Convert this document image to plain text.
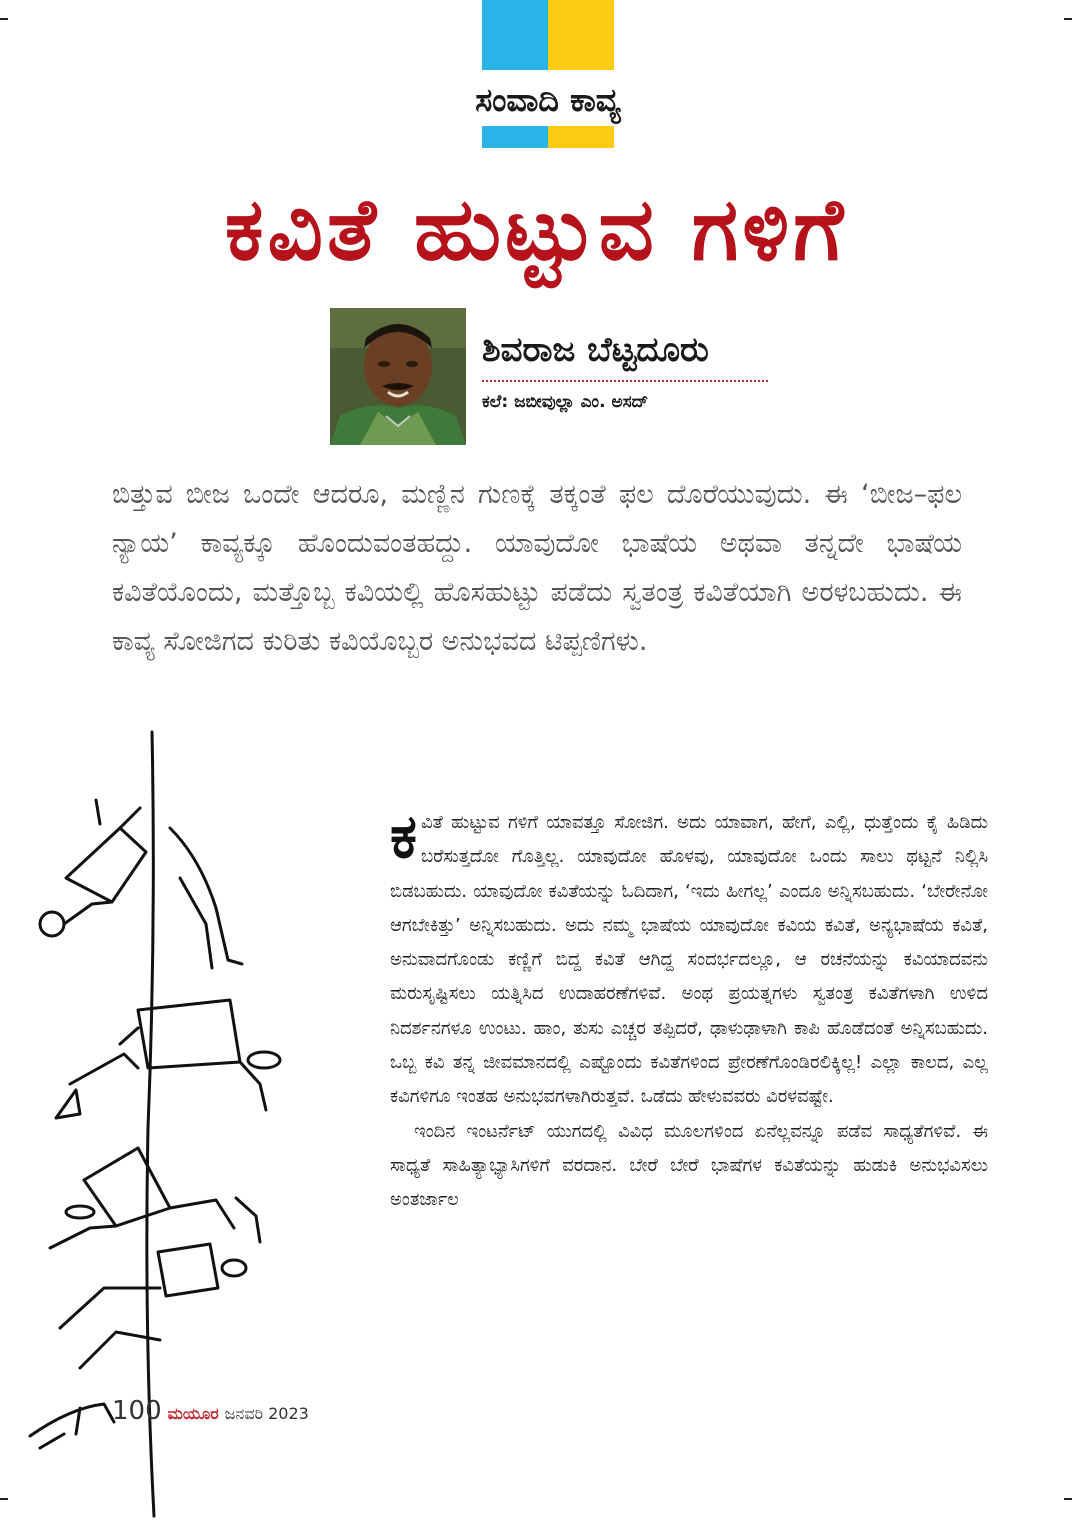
ಸಂವಾದಿ ಕಾವ್ಯ
ಕವಿತೆ ಹುಟ್ಟುವ ಗಳಿಗೆ
ಶಿವರಾಜ ಬೆಟ್ಟದೂರು
ಕಲೆ: ಜಬೀವುಲ್ಲಾ ಎಂ. ಅಸದ್
ಬಿತ್ತುವ ಬೀಜ ಒಂದೇ ಆದರೂ, ಮಣ್ಣಿನ ಗುಣಕ್ಕೆ ತಕ್ಕಂತೆ ಫಲ ದೊರೆಯುವುದು. ಈ ‘ಬೀಜ–ಫಲ ನ್ಯಾಯ’ ಕಾವ್ಯಕ್ಕೂ ಹೊಂದುವಂತಹದ್ದು. ಯಾವುದೋ ಭಾಷೆಯ ಅಥವಾ ತನ್ನದೇ ಭಾಷೆಯ ಕವಿತೆಯೊಂದು, ಮತ್ತೊಬ್ಬ ಕವಿಯಲ್ಲಿ ಹೊಸಹುಟ್ಟು ಪಡೆದು ಸ್ವತಂತ್ರ ಕವಿತೆಯಾಗಿ ಅರಳಬಹುದು. ಈ ಕಾವ್ಯ ಸೋಜಿಗದ ಕುರಿತು ಕವಿಯೊಬ್ಬರ ಅನುಭವದ ಟಿಪ್ಪಣಿಗಳು.

ಕವಿತೆ ಹುಟ್ಟುವ ಗಳಿಗೆ ಯಾವತ್ತೂ ಸೋಜಿಗ. ಅದು ಯಾವಾಗ, ಹೇಗೆ, ಎಲ್ಲಿ, ಧುತ್ತೆಂದು ಕೈ ಹಿಡಿದು ಬರೆಸುತ್ತದೋ ಗೊತ್ತಿಲ್ಲ. ಯಾವುದೋ ಹೊಳವು, ಯಾವುದೋ ಒಂದು ಸಾಲು ಥಟ್ಟನೆ ನಿಲ್ಲಿಸಿ ಬಿಡಬಹುದು. ಯಾವುದೋ ಕವಿತೆಯನ್ನು ಓದಿದಾಗ, ‘ಇದು ಹೀಗಲ್ಲ’ ಎಂದೂ ಅನ್ನಿಸಬಹುದು. ‘ಬೇರೇನೋ ಆಗಬೇಕಿತ್ತು’ ಅನ್ನಿಸಬಹುದು. ಅದು ನಮ್ಮ ಭಾಷೆಯ ಯಾವುದೋ ಕವಿಯ ಕವಿತೆ, ಅನ್ಯಭಾಷೆಯ ಕವಿತೆ, ಅನುವಾದಗೊಂಡು ಕಣ್ಣಿಗೆ ಬಿದ್ದ ಕವಿತೆ ಆಗಿದ್ದ ಸಂದರ್ಭದಲ್ಲೂ, ಆ ರಚನೆಯನ್ನು ಕವಿಯಾದವನು ಮರುಸೃಷ್ಟಿಸಲು ಯತ್ನಿಸಿದ ಉದಾಹರಣೆಗಳಿವೆ. ಅಂಥ ಪ್ರಯತ್ನಗಳು ಸ್ವತಂತ್ರ ಕವಿತೆಗಳಾಗಿ ಉಳಿದ ನಿದರ್ಶನಗಳೂ ಉಂಟು. ಹಾಂ, ತುಸು ಎಚ್ಚರ ತಪ್ಪಿದರೆ, ಢಾಳುಢಾಳಾಗಿ ಕಾಪಿ ಹೊಡೆದಂತೆ ಅನ್ನಿಸಬಹುದು. ಒಬ್ಬ ಕವಿ ತನ್ನ ಜೀವಮಾನದಲ್ಲಿ ಎಷ್ಟೊಂದು ಕವಿತೆಗಳಿಂದ ಪ್ರೇರಣೆಗೊಂಡಿರಲಿಕ್ಕಿಲ್ಲ! ಎಲ್ಲಾ ಕಾಲದ, ಎಲ್ಲ ಕವಿಗಳಿಗೂ ಇಂತಹ ಅನುಭವಗಳಾಗಿರುತ್ತವೆ. ಒಡೆದು ಹೇಳುವವರು ವಿರಳವಷ್ಟೇ.

ಇಂದಿನ ಇಂಟರ್ನೆಟ್ ಯುಗದಲ್ಲಿ ವಿವಿಧ ಮೂಲಗಳಿಂದ ಏನೆಲ್ಲವನ್ನೂ ಪಡೆವ ಸಾಧ್ಯತೆಗಳಿವೆ. ಈ ಸಾಧ್ಯತೆ ಸಾಹಿತ್ಯಾಭ್ಯಾಸಿಗಳಿಗೆ ವರದಾನ. ಬೇರೆ ಬೇರೆ ಭಾಷೆಗಳ ಕವಿತೆಯನ್ನು ಹುಡುಕಿ ಅನುಭವಿಸಲು ಅಂತರ್ಜಾಲ

100 ಮಯೂರ ಜನವರಿ 2023
